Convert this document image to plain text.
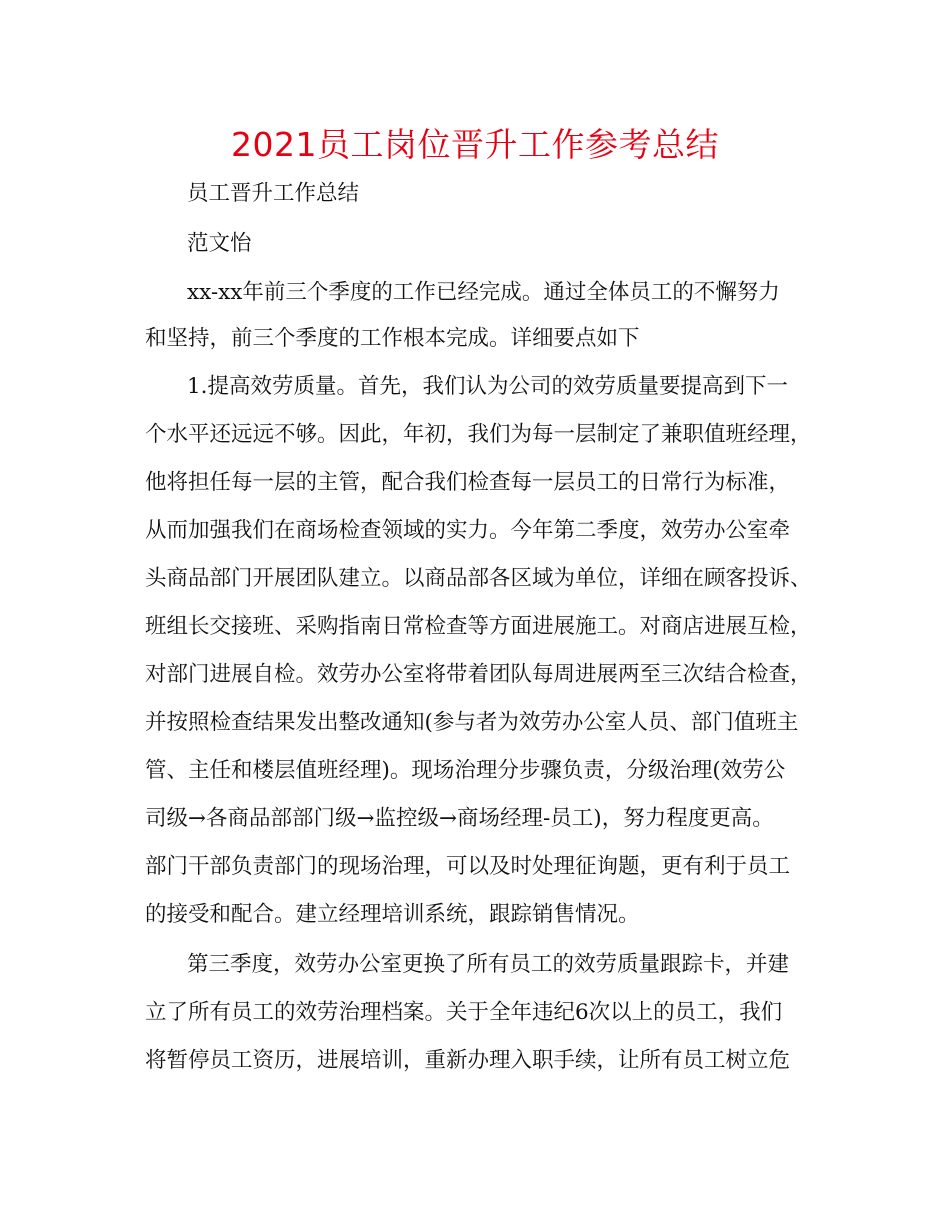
2021员工岗位晋升工作参考总结
员工晋升工作总结
范文怡
xx-xx年前三个季度的工作已经完成。通过全体员工的不懈努力
和坚持，前三个季度的工作根本完成。详细要点如下
1.提高效劳质量。首先，我们认为公司的效劳质量要提高到下一
个水平还远远不够。因此，年初，我们为每一层制定了兼职值班经理，
他将担任每一层的主管，配合我们检查每一层员工的日常行为标准，
从而加强我们在商场检查领域的实力。今年第二季度，效劳办公室牵
头商品部门开展团队建立。以商品部各区域为单位，详细在顾客投诉、
班组长交接班、采购指南日常检查等方面进展施工。对商店进展互检，
对部门进展自检。效劳办公室将带着团队每周进展两至三次结合检查，
并按照检查结果发出整改通知(参与者为效劳办公室人员、部门值班主
管、主任和楼层值班经理)。现场治理分步骤负责，分级治理(效劳公
司级→各商品部部门级→监控级→商场经理-员工)，努力程度更高。
部门干部负责部门的现场治理，可以及时处理征询题，更有利于员工
的接受和配合。建立经理培训系统，跟踪销售情况。
第三季度，效劳办公室更换了所有员工的效劳质量跟踪卡，并建
立了所有员工的效劳治理档案。关于全年违纪6次以上的员工，我们
将暂停员工资历，进展培训，重新办理入职手续，让所有员工树立危
